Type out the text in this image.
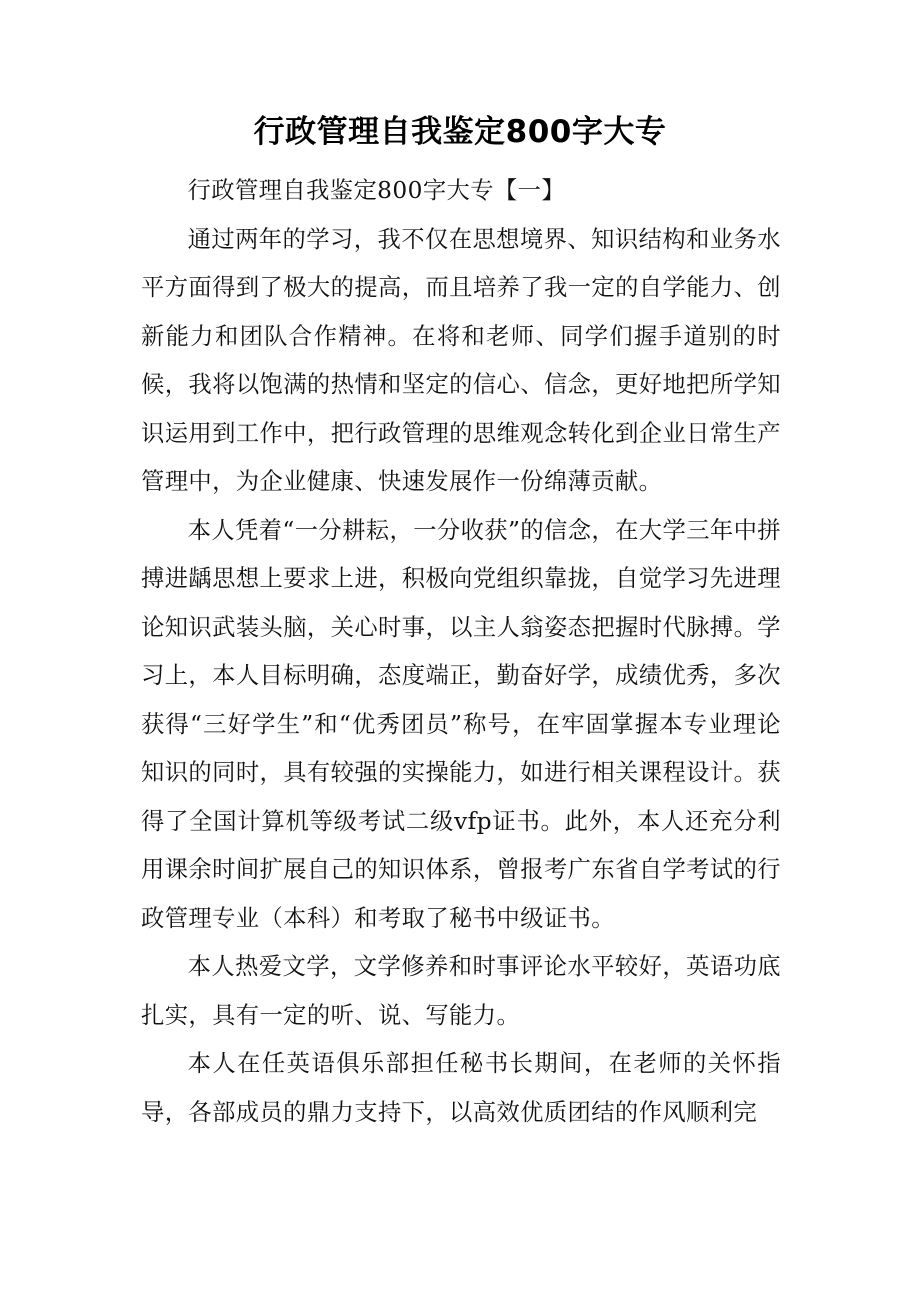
行政管理自我鉴定800字大专

行政管理自我鉴定800字大专【一】

通过两年的学习，我不仅在思想境界、知识结构和业务水平方面得到了极大的提高，而且培养了我一定的自学能力、创新能力和团队合作精神。在将和老师、同学们握手道别的时候，我将以饱满的热情和坚定的信心、信念，更好地把所学知识运用到工作中，把行政管理的思维观念转化到企业日常生产管理中，为企业健康、快速发展作一份绵薄贡献。

本人凭着“一分耕耘，一分收获”的信念，在大学三年中拼搏进龋思想上要求上进，积极向党组织靠拢，自觉学习先进理论知识武装头脑，关心时事，以主人翁姿态把握时代脉搏。学习上，本人目标明确，态度端正，勤奋好学，成绩优秀，多次获得“三好学生”和“优秀团员”称号，在牢固掌握本专业理论知识的同时，具有较强的实操能力，如进行相关课程设计。获得了全国计算机等级考试二级vfp证书。此外，本人还充分利用课余时间扩展自己的知识体系，曾报考广东省自学考试的行政管理专业（本科）和考取了秘书中级证书。

本人热爱文学，文学修养和时事评论水平较好，英语功底扎实，具有一定的听、说、写能力。

本人在任英语俱乐部担任秘书长期间，在老师的关怀指导，各部成员的鼎力支持下，以高效优质团结的作风顺利完
